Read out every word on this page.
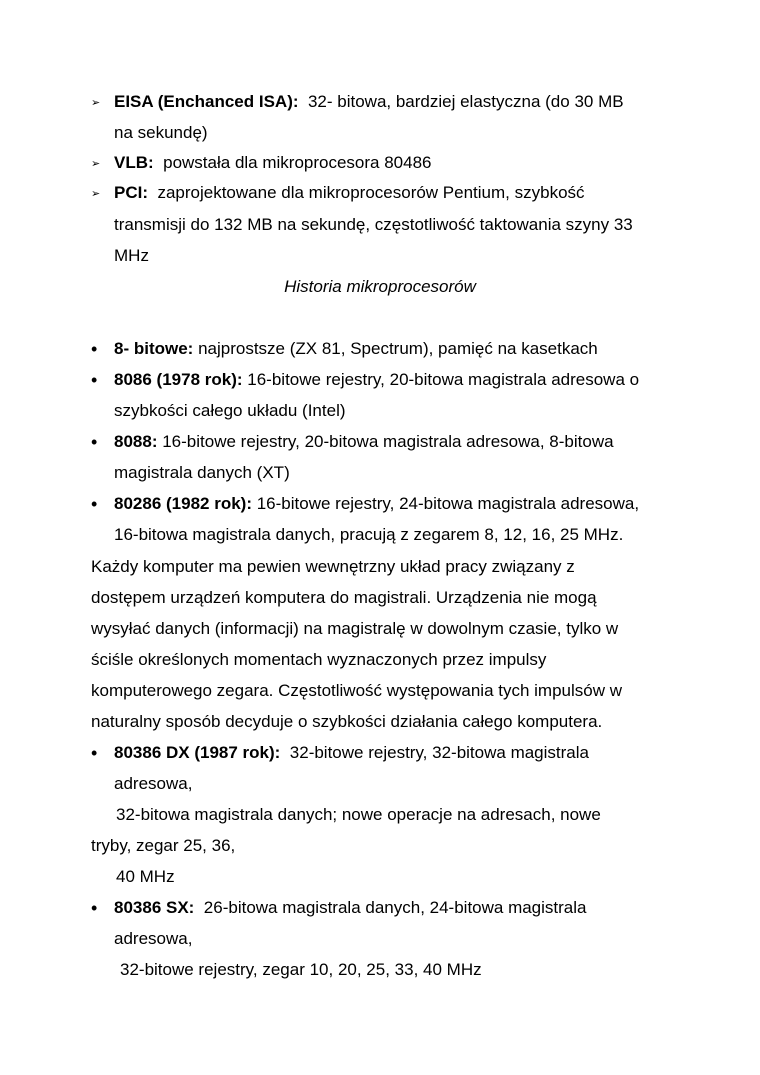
➢ EISA (Enchanced ISA): 32- bitowa, bardziej elastyczna (do 30 MB
na sekundę)
➢ VLB: powstała dla mikroprocesora 80486
➢ PCI: zaprojektowane dla mikroprocesorów Pentium, szybkość
transmisji do 132 MB na sekundę, częstotliwość taktowania szyny 33
MHz
Historia mikroprocesorów
• 8- bitowe: najprostsze (ZX 81, Spectrum), pamięć na kasetkach
• 8086 (1978 rok): 16-bitowe rejestry, 20-bitowa magistrala adresowa o
szybkości całego układu (Intel)
• 8088: 16-bitowe rejestry, 20-bitowa magistrala adresowa, 8-bitowa
magistrala danych (XT)
• 80286 (1982 rok): 16-bitowe rejestry, 24-bitowa magistrala adresowa,
16-bitowa magistrala danych, pracują z zegarem 8, 12, 16, 25 MHz.
Każdy komputer ma pewien wewnętrzny układ pracy związany z
dostępem urządzeń komputera do magistrali. Urządzenia nie mogą
wysyłać danych (informacji) na magistralę w dowolnym czasie, tylko w
ściśle określonych momentach wyznaczonych przez impulsy
komputerowego zegara. Częstotliwość występowania tych impulsów w
naturalny sposób decyduje o szybkości działania całego komputera.
• 80386 DX (1987 rok): 32-bitowe rejestry, 32-bitowa magistrala
adresowa,
32-bitowa magistrala danych; nowe operacje na adresach, nowe
tryby, zegar 25, 36,
40 MHz
• 80386 SX: 26-bitowa magistrala danych, 24-bitowa magistrala
adresowa,
32-bitowe rejestry, zegar 10, 20, 25, 33, 40 MHz
